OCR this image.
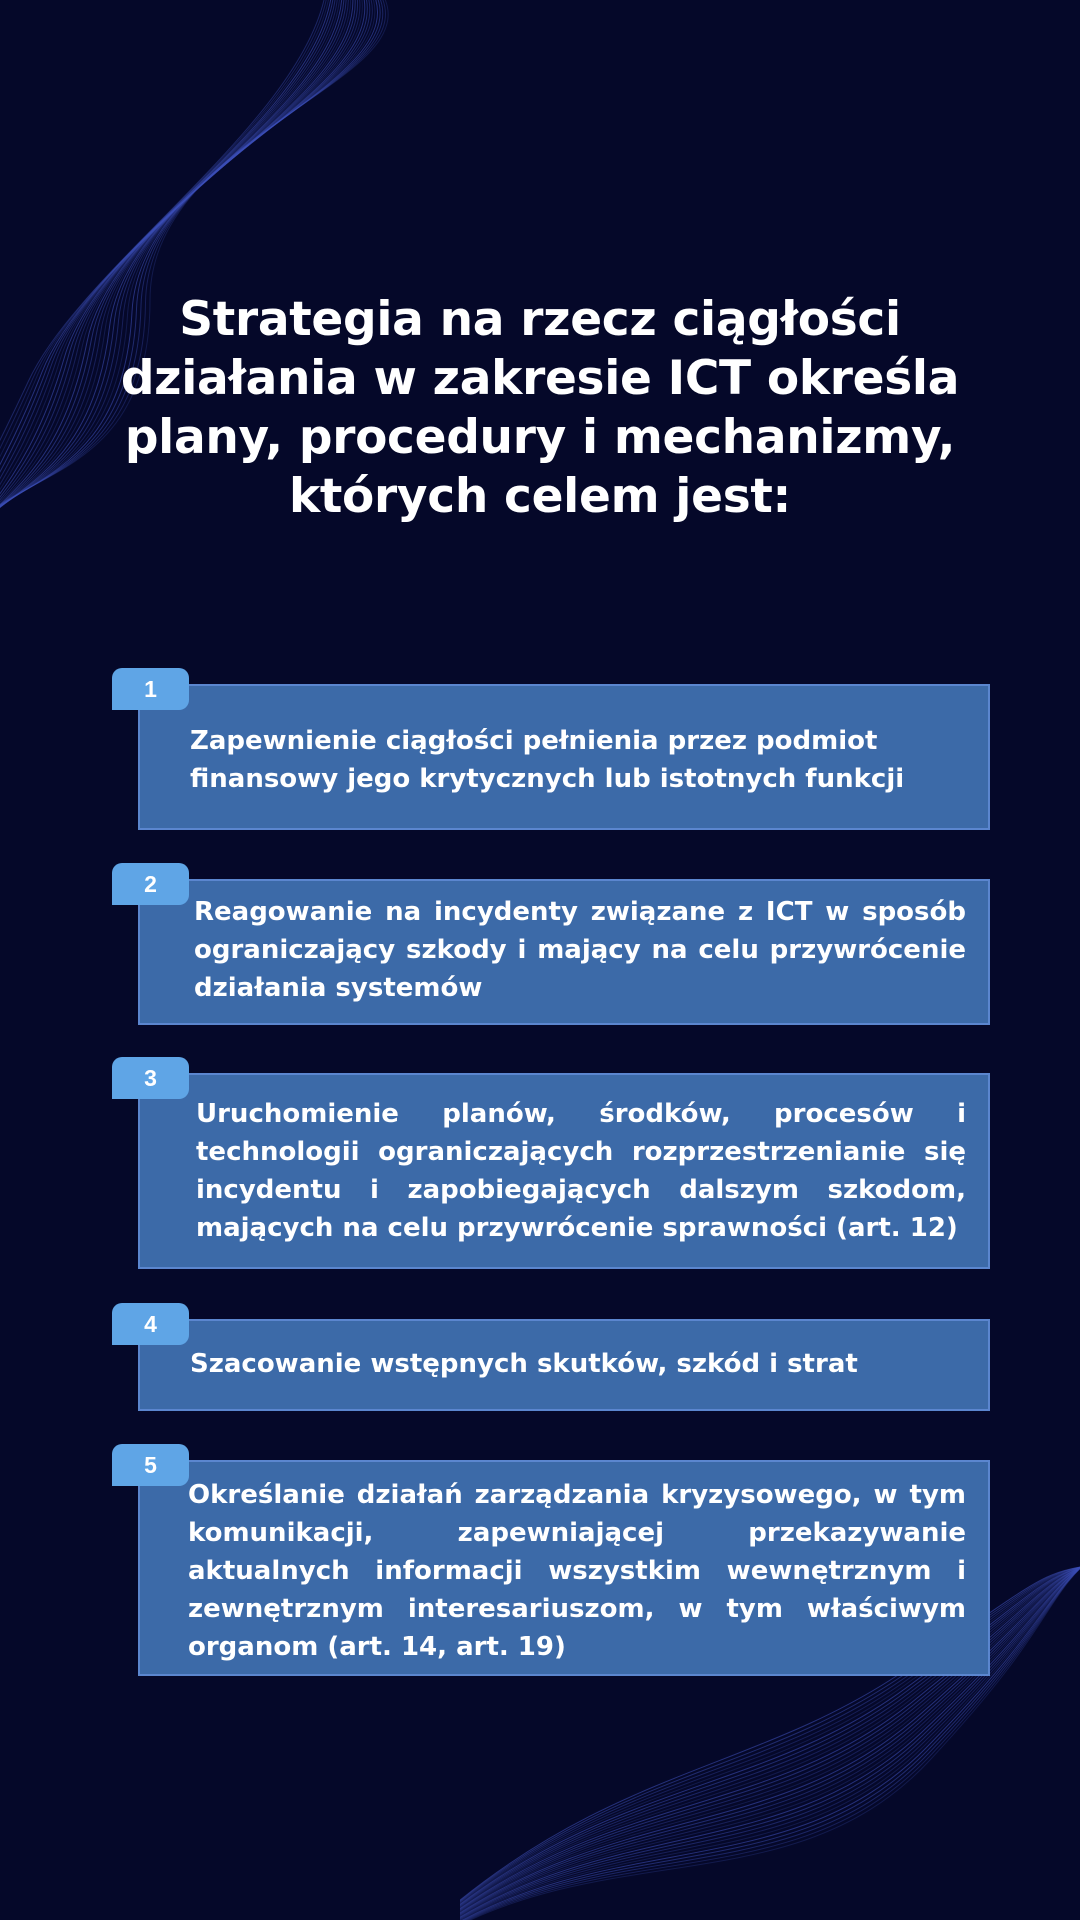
Strategia na rzecz ciągłości działania w zakresie ICT określa plany, procedury i mechanizmy, których celem jest:

Zapewnienie ciągłości pełnienia przez podmiot finansowy jego krytycznych lub istotnych funkcji

1

Reagowanie na incydenty związane z ICT w sposób ograniczający szkody i mający na celu przywrócenie działania systemów

2

Uruchomienie planów, środków, procesów i technologii ograniczających rozprzestrzenianie się incydentu i zapobiegających dalszym szkodom, mających na celu przywrócenie sprawności (art. 12)

3

Szacowanie wstępnych skutków, szkód i strat

4

Określanie działań zarządzania kryzysowego, w tym komunikacji, zapewniającej przekazywanie aktualnych informacji wszystkim wewnętrznym i zewnętrznym interesariuszom, w tym właściwym organom (art. 14, art. 19)

5
